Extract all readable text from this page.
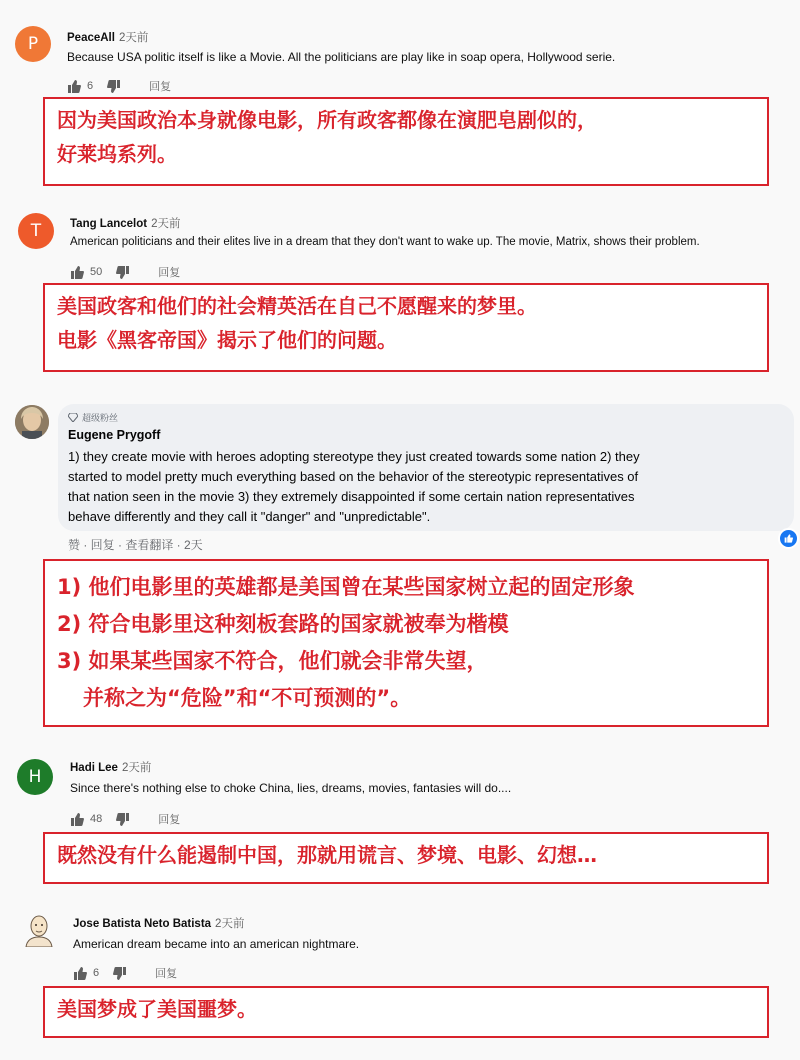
P	PeaceAll 2天前
Because USA politic itself is like a Movie. All the politicians are play like in soap opera, Hollywood serie.
6	回复
因为美国政治本身就像电影，所有政客都像在演肥皂剧似的，
好莱坞系列。
T	Tang Lancelot 2天前
American politicians and their elites live in a dream that they don't want to wake up. The movie, Matrix, shows their problem.
50	回复
美国政客和他们的社会精英活在自己不愿醒来的梦里。
电影《黑客帝国》揭示了他们的问题。
超级粉丝
Eugene Prygoff
1) they create movie with heroes adopting stereotype they just created towards some nation 2) they
started to model pretty much everything based on the behavior of the stereotypic representatives of
that nation seen in the movie 3) they extremely disappointed if some certain nation representatives
behave differently and they call it "danger" and "unpredictable".
赞 · 回复 · 查看翻译 · 2天
1) 他们电影里的英雄都是美国曾在某些国家树立起的固定形象
2) 符合电影里这种刻板套路的国家就被奉为楷模
3) 如果某些国家不符合，他们就会非常失望，
并称之为“危险”和“不可预测的”。
H	Hadi Lee 2天前
Since there's nothing else to choke China, lies, dreams, movies, fantasies will do....
48	回复
既然没有什么能遏制中国，那就用谎言、梦境、电影、幻想…
Jose Batista Neto Batista 2天前
American dream became into an american nightmare.
6	回复
美国梦成了美国噩梦。
